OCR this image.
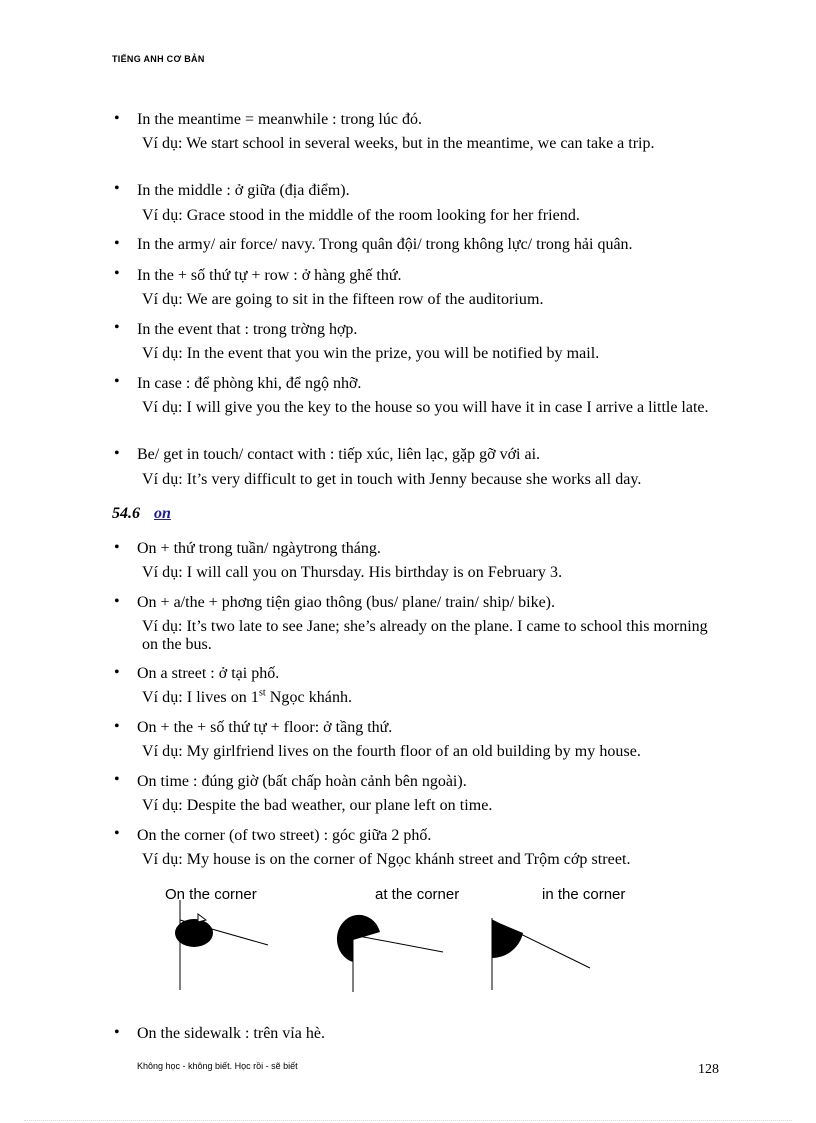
TIẾNG ANH CƠ BẢN
• In the meantime = meanwhile : trong lúc đó.
Ví dụ: We start school in several weeks, but in the meantime, we can take a trip.
• In the middle : ở giữa (địa điểm).
Ví dụ: Grace stood in the middle of the room looking for her friend.
• In the army/ air force/ navy. Trong quân đội/ trong không lực/ trong hải quân.
• In the + số thứ tự + row : ở hàng ghế thứ.
Ví dụ: We are going to sit in the fifteen row of the auditorium.
• In the event that : trong trờng hợp.
Ví dụ: In the event that you win the prize, you will be notified by mail.
• In case : để phòng khi, để ngộ nhỡ.
Ví dụ: I will give you the key to the house so you will have it in case I arrive a little late.
• Be/ get in touch/ contact with : tiếp xúc, liên lạc, gặp gỡ với ai.
Ví dụ: It’s very difficult to get in touch with Jenny because she works all day.
54.6 on
• On + thứ trong tuần/ ngàytrong tháng.
Ví dụ: I will call you on Thursday. His birthday is on February 3.
• On + a/the + phơng tiện giao thông (bus/ plane/ train/ ship/ bike).
Ví dụ: It’s two late to see Jane; she’s already on the plane. I came to school this morning on the bus.
• On a street : ở tại phố.
Ví dụ: I lives on 1st Ngọc khánh.
• On + the + số thứ tự + floor: ở tầng thứ.
Ví dụ: My girlfriend lives on the fourth floor of an old building by my house.
• On time : đúng giờ (bất chấp hoàn cảnh bên ngoài).
Ví dụ: Despite the bad weather, our plane left on time.
• On the corner (of two street) : góc giữa 2 phố.
Ví dụ: My house is on the corner of Ngọc khánh street and Trộm cớp street.
On the corner	at the corner	in the corner
• On the sidewalk : trên vỉa hè.
Không học - không biết. Học rồi - sẽ biết	128
